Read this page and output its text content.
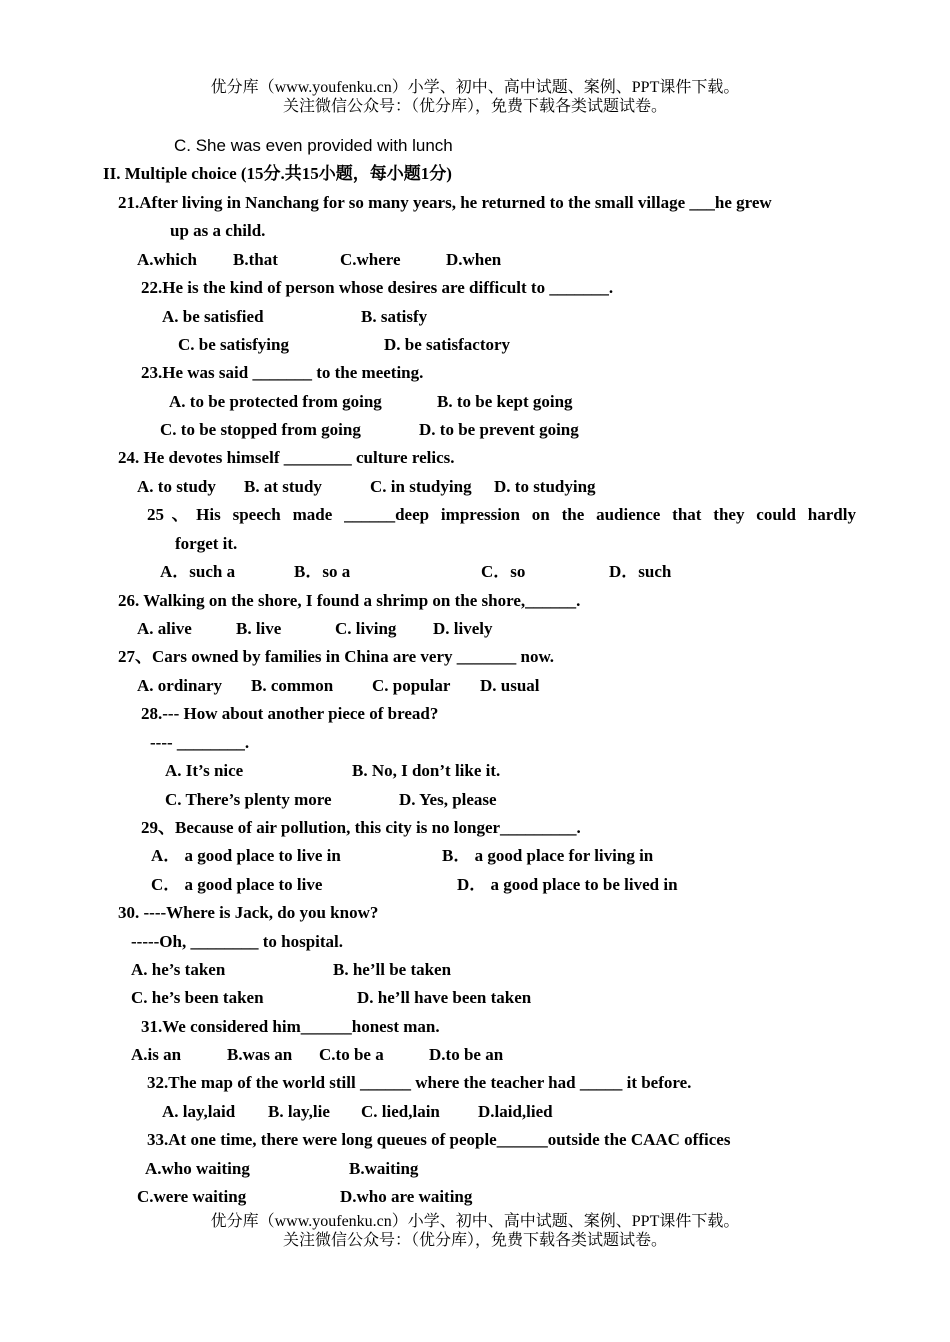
优分库（www.youfenku.cn）小学、初中、高中试题、案例、PPT课件下载。
关注微信公众号：（优分库），免费下载各类试题试卷。
C. She was even provided with lunch
II. Multiple choice (15分.共15小题，每小题1分)
21.After living in Nanchang for so many years, he returned to the small village ___he grew
up as a child.
A.which B.that	C.where	D.when
22.He is the kind of person whose desires are difficult to _______.
A. be satisfied	B. satisfy
C. be satisfying	D. be satisfactory
23.He was said _______ to the meeting.
A. to be protected from going	B. to be kept going
C. to be stopped from going	D. to be prevent going
24. He devotes himself ________ culture relics.
A. to study B. at study	C. in studying D. to studying
25、His speech made ______deep impression on the audience that they could hardly
forget it.
A．such a	B．so a	C．so	D．such
26. Walking on the shore, I found a shrimp on the shore,______.
A. alive	B. live	C. living D. lively
27、Cars owned by families in China are very _______ now.
A. ordinary B. common C. popular D. usual
28.--- How about another piece of bread?
---- ________.
A. It’s nice	B. No, I don’t like it.
C. There’s plenty more	D. Yes, please
29、Because of air pollution, this city is no longer_________.
A． a good place to live in	B． a good place for living in
C． a good place to live	D． a good place to be lived in
30. ----Where is Jack, do you know?
-----Oh, ________ to hospital.
A. he’s taken	B. he’ll be taken
C. he’s been taken	D. he’ll have been taken
31.We considered him______honest man.
A.is an	B.was an C.to be a	D.to be an
32.The map of the world still ______ where the teacher had _____ it before.
A. lay,laid B. lay,lie C. lied,lain D.laid,lied
33.At one time, there were long queues of people______outside the CAAC offices
A.who waiting	B.waiting
C.were waiting	D.who are waiting
优分库（www.youfenku.cn）小学、初中、高中试题、案例、PPT课件下载。
关注微信公众号：（优分库），免费下载各类试题试卷。
